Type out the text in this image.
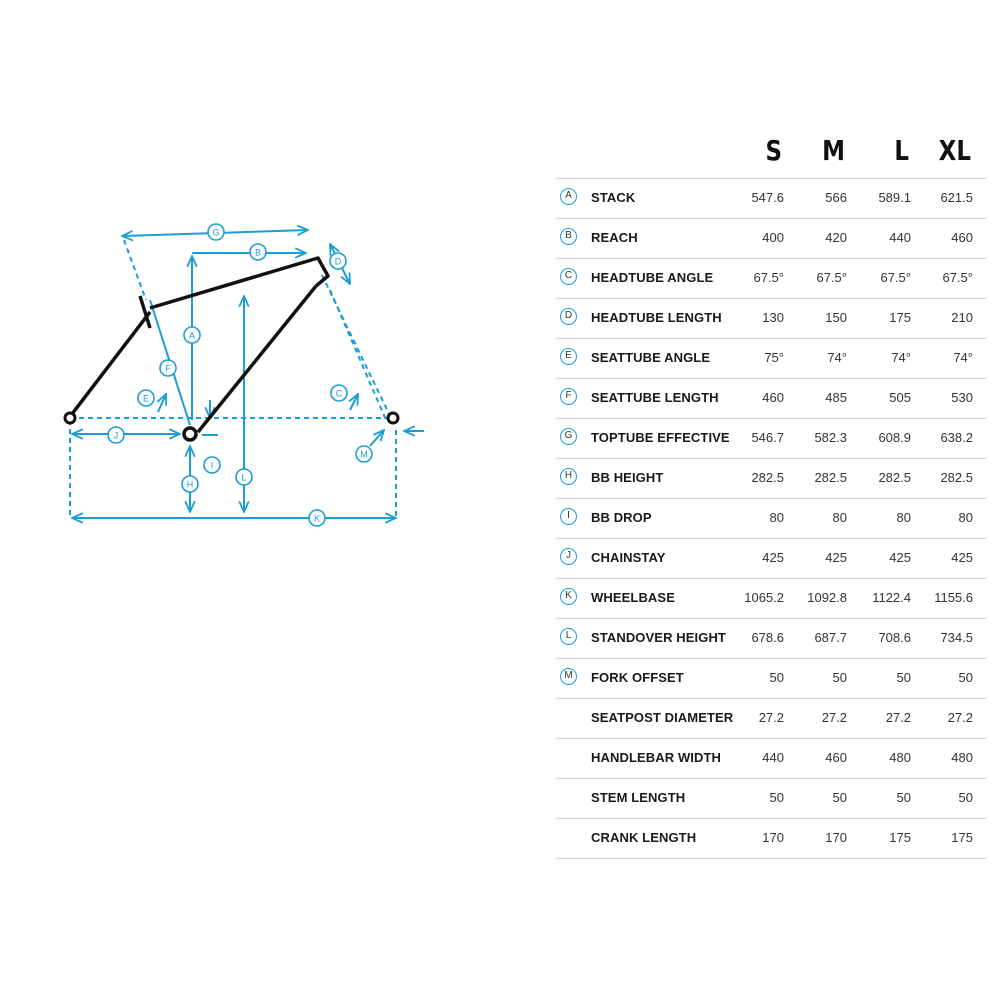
A
B
C
D
E
F
G
H
I
J
K
L
M
S	M	L	XL
A	STACK	547.6	566	589.1	621.5
B	REACH	400	420	440	460
C	HEADTUBE ANGLE	67.5°	67.5°	67.5°	67.5°
D	HEADTUBE LENGTH	130	150	175	210
E	SEATTUBE ANGLE	75°	74°	74°	74°
F	SEATTUBE LENGTH	460	485	505	530
G	TOPTUBE EFFECTIVE	546.7	582.3	608.9	638.2
H	BB HEIGHT	282.5	282.5	282.5	282.5
I	BB DROP	80	80	80	80
J	CHAINSTAY	425	425	425	425
K	WHEELBASE	1065.2	1092.8	1122.4	1155.6
L	STANDOVER HEIGHT	678.6	687.7	708.6	734.5
M	FORK OFFSET	50	50	50	50
SEATPOST DIAMETER	27.2	27.2	27.2	27.2
HANDLEBAR WIDTH	440	460	480	480
STEM LENGTH	50	50	50	50
CRANK LENGTH	170	170	175	175
